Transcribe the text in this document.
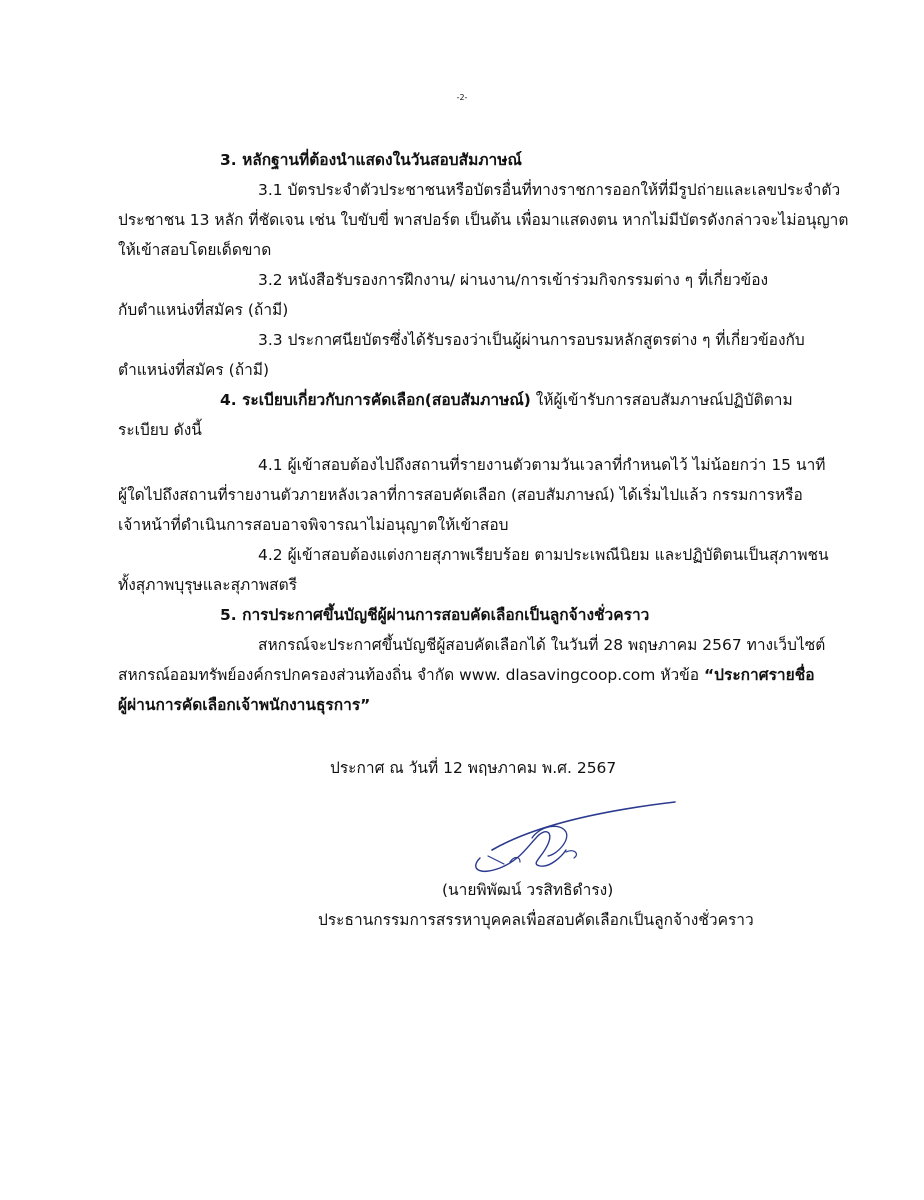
-2-
3. หลักฐานที่ต้องนำแสดงในวันสอบสัมภาษณ์
3.1 บัตรประจำตัวประชาชนหรือบัตรอื่นที่ทางราชการออกให้ที่มีรูปถ่ายและเลขประจำตัว
ประชาชน 13 หลัก ที่ชัดเจน เช่น ใบขับขี่ พาสปอร์ต เป็นต้น เพื่อมาแสดงตน หากไม่มีบัตรดังกล่าวจะไม่อนุญาต
ให้เข้าสอบโดยเด็ดขาด
3.2 หนังสือรับรองการฝึกงาน/ ผ่านงาน/การเข้าร่วมกิจกรรมต่าง ๆ ที่เกี่ยวข้อง
กับตำแหน่งที่สมัคร (ถ้ามี)
3.3 ประกาศนียบัตรซึ่งได้รับรองว่าเป็นผู้ผ่านการอบรมหลักสูตรต่าง ๆ ที่เกี่ยวข้องกับ
ตำแหน่งที่สมัคร (ถ้ามี)
4. ระเบียบเกี่ยวกับการคัดเลือก(สอบสัมภาษณ์) ให้ผู้เข้ารับการสอบสัมภาษณ์ปฏิบัติตาม
ระเบียบ ดังนี้
4.1 ผู้เข้าสอบต้องไปถึงสถานที่รายงานตัวตามวันเวลาที่กำหนดไว้ ไม่น้อยกว่า 15 นาที
ผู้ใดไปถึงสถานที่รายงานตัวภายหลังเวลาที่การสอบคัดเลือก (สอบสัมภาษณ์) ได้เริ่มไปแล้ว กรรมการหรือ
เจ้าหน้าที่ดำเนินการสอบอาจพิจารณาไม่อนุญาตให้เข้าสอบ
4.2 ผู้เข้าสอบต้องแต่งกายสุภาพเรียบร้อย ตามประเพณีนิยม และปฏิบัติตนเป็นสุภาพชน
ทั้งสุภาพบุรุษและสุภาพสตรี
5. การประกาศขึ้นบัญชีผู้ผ่านการสอบคัดเลือกเป็นลูกจ้างชั่วคราว
สหกรณ์จะประกาศขึ้นบัญชีผู้สอบคัดเลือกได้ ในวันที่ 28 พฤษภาคม 2567 ทางเว็บไซต์
สหกรณ์ออมทรัพย์องค์กรปกครองส่วนท้องถิ่น จำกัด www. dlasavingcoop.com หัวข้อ “ประกาศรายชื่อ
ผู้ผ่านการคัดเลือกเจ้าพนักงานธุรการ”
ประกาศ ณ วันที่ 12 พฤษภาคม พ.ศ. 2567
(นายพิพัฒน์ วรสิทธิดำรง)
ประธานกรรมการสรรหาบุคคลเพื่อสอบคัดเลือกเป็นลูกจ้างชั่วคราว
